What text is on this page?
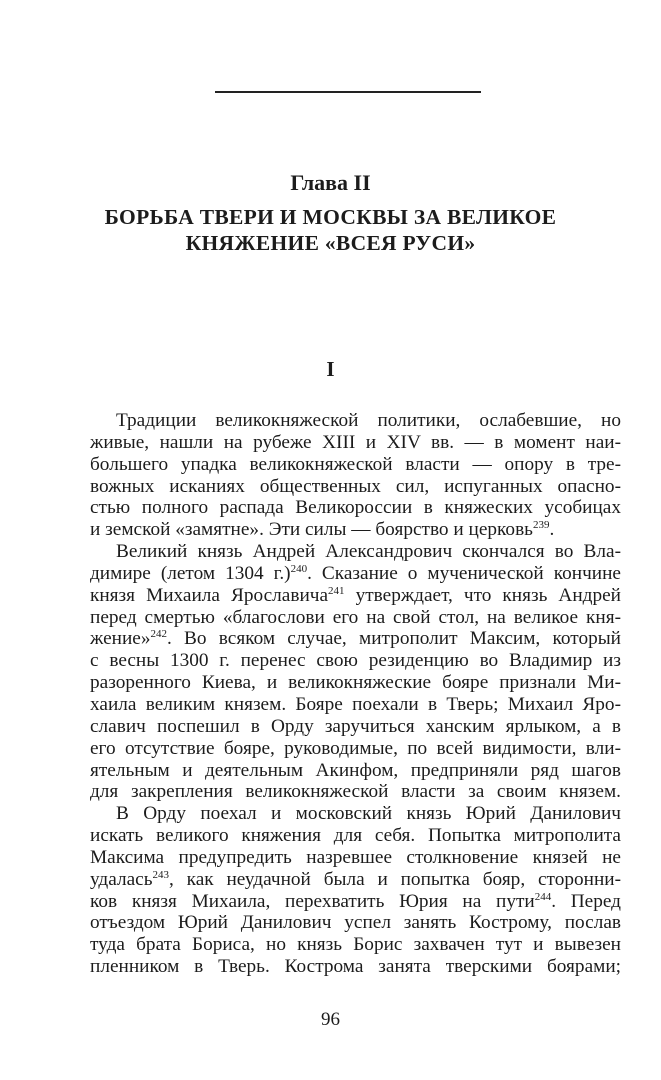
Глава II
БОРЬБА ТВЕРИ И МОСКВЫ ЗА ВЕЛИКОЕ
КНЯЖЕНИЕ «ВСЕЯ РУСИ»
I
Традиции великокняжеской политики, ослабевшие, но
живые, нашли на рубеже XIII и XIV вв. — в момент наи-
большего упадка великокняжеской власти — опору в тре-
вожных исканиях общественных сил, испуганных опасно-
стью полного распада Великороссии в княжеских усобицах
и земской «замятне». Эти силы — боярство и церковь$^{239}$.
Великий князь Андрей Александрович скончался во Вла-
димире (летом 1304 г.)$^{240}$. Сказание о мученической кончине
князя Михаила Ярославича$^{241}$ утверждает, что князь Андрей
перед смертью «благослови его на свой стол, на великое кня-
жение»$^{242}$. Во всяком случае, митрополит Максим, который
с весны 1300 г. перенес свою резиденцию во Владимир из
разоренного Киева, и великокняжеские бояре признали Ми-
хаила великим князем. Бояре поехали в Тверь; Михаил Яро-
славич поспешил в Орду заручиться ханским ярлыком, а в
его отсутствие бояре, руководимые, по всей видимости, вли-
ятельным и деятельным Акинфом, предприняли ряд шагов
для закрепления великокняжеской власти за своим князем.
В Орду поехал и московский князь Юрий Данилович
искать великого княжения для себя. Попытка митрополита
Максима предупредить назревшее столкновение князей не
удалась$^{243}$, как неудачной была и попытка бояр, сторонни-
ков князя Михаила, перехватить Юрия на пути$^{244}$. Перед
отъездом Юрий Данилович успел занять Кострому, послав
туда брата Бориса, но князь Борис захвачен тут и вывезен
пленником в Тверь. Кострома занята тверскими боярами;
96
